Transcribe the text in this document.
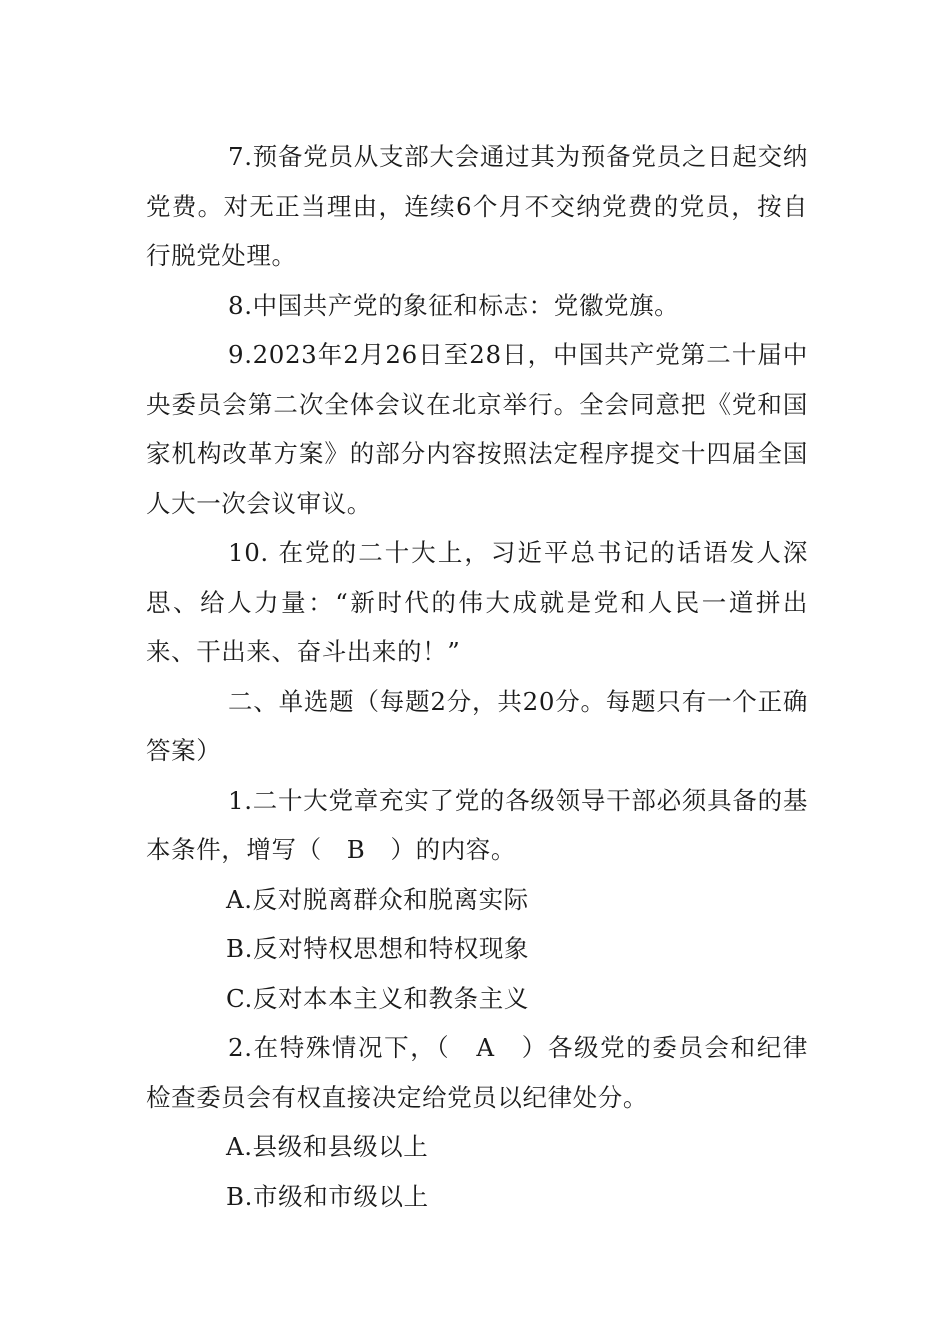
7.预备党员从支部大会通过其为预备党员之日起交纳党费。对无正当理由，连续6个月不交纳党费的党员，按自行脱党处理。

8.中国共产党的象征和标志：党徽党旗。

9.2023年2月26日至28日，中国共产党第二十届中央委员会第二次全体会议在北京举行。全会同意把《党和国家机构改革方案》的部分内容按照法定程序提交十四届全国人大一次会议审议。

10. 在党的二十大上，习近平总书记的话语发人深思、给人力量：“新时代的伟大成就是党和人民一道拼出来、干出来、奋斗出来的！”

二、单选题（每题2分，共20分。每题只有一个正确答案）

1.二十大党章充实了党的各级领导干部必须具备的基本条件，增写（　B　）的内容。

A.反对脱离群众和脱离实际

B.反对特权思想和特权现象

C.反对本本主义和教条主义

2.在特殊情况下，（　A　）各级党的委员会和纪律检查委员会有权直接决定给党员以纪律处分。

A.县级和县级以上

B.市级和市级以上
